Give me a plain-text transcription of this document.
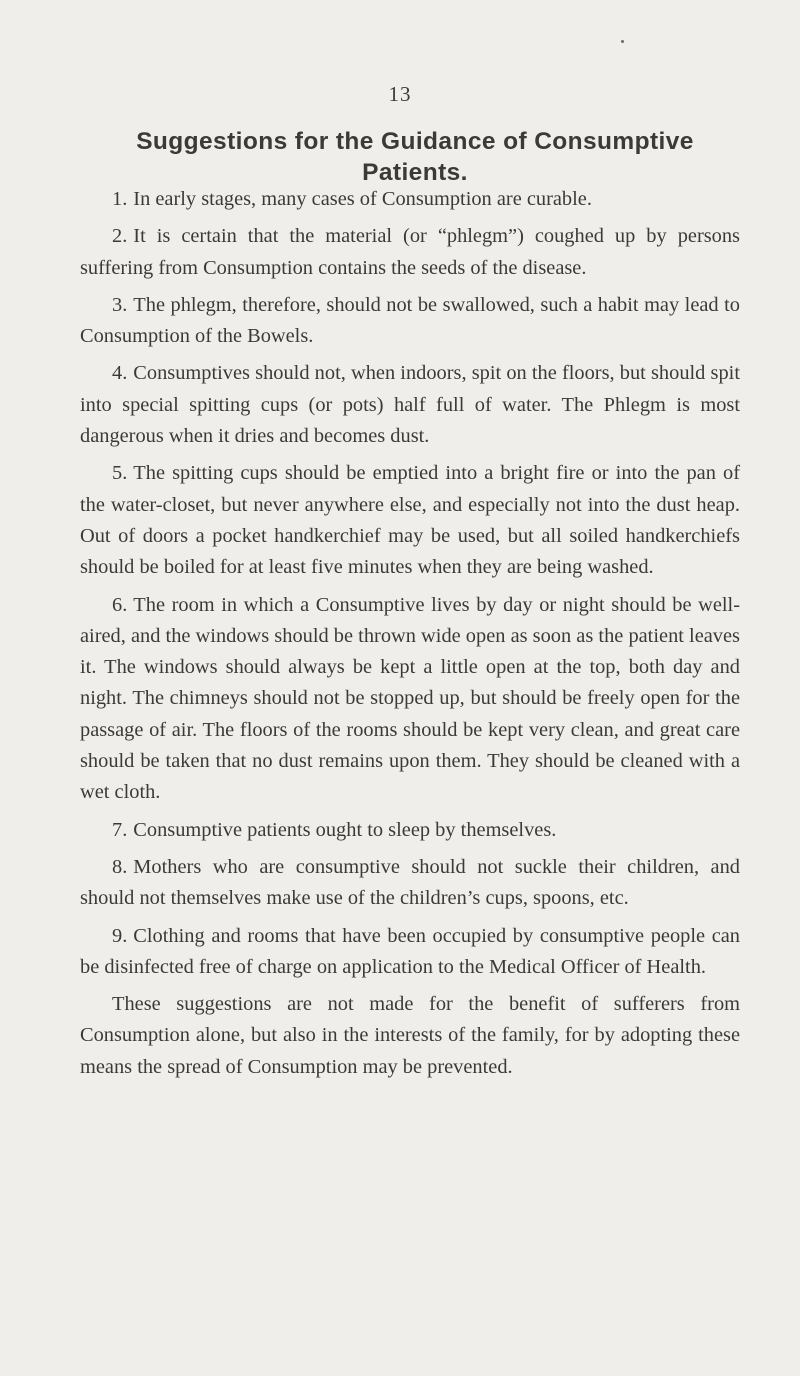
13
Suggestions for the Guidance of Consumptive Patients.

1. In early stages, many cases of Consumption are curable.

2. It is certain that the material (or “phlegm”) coughed up by persons suffering from Consumption contains the seeds of the disease.

3. The phlegm, therefore, should not be swallowed, such a habit may lead to Consumption of the Bowels.

4. Consumptives should not, when indoors, spit on the floors, but should spit into special spitting cups (or pots) half full of water. The Phlegm is most dangerous when it dries and becomes dust.

5. The spitting cups should be emptied into a bright fire or into the pan of the water-closet, but never anywhere else, and especially not into the dust heap. Out of doors a pocket handkerchief may be used, but all soiled handkerchiefs should be boiled for at least five minutes when they are being washed.

6. The room in which a Consumptive lives by day or night should be well-aired, and the windows should be thrown wide open as soon as the patient leaves it. The windows should always be kept a little open at the top, both day and night. The chimneys should not be stopped up, but should be freely open for the passage of air. The floors of the rooms should be kept very clean, and great care should be taken that no dust remains upon them. They should be cleaned with a wet cloth.

7. Consumptive patients ought to sleep by themselves.

8. Mothers who are consumptive should not suckle their children, and should not themselves make use of the children’s cups, spoons, etc.

9. Clothing and rooms that have been occupied by consumptive people can be disinfected free of charge on application to the Medical Officer of Health.

These suggestions are not made for the benefit of sufferers from Consumption alone, but also in the interests of the family, for by adopting these means the spread of Consumption may be prevented.
